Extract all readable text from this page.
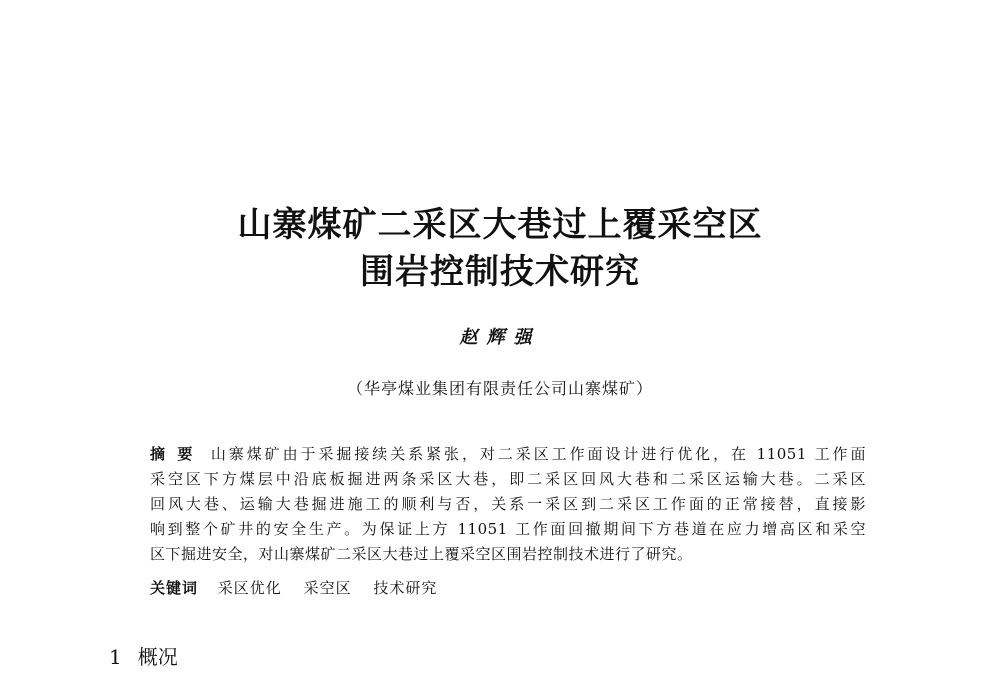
山寨煤矿二采区大巷过上覆采空区
围岩控制技术研究
赵辉强
（华亭煤业集团有限责任公司山寨煤矿）
摘要 山寨煤矿由于采掘接续关系紧张，对二采区工作面设计进行优化，在 11051 工作面
采空区下方煤层中沿底板掘进两条采区大巷，即二采区回风大巷和二采区运输大巷。二采区
回风大巷、运输大巷掘进施工的顺利与否，关系一采区到二采区工作面的正常接替，直接影
响到整个矿井的安全生产。为保证上方 11051 工作面回撤期间下方巷道在应力增高区和采空
区下掘进安全，对山寨煤矿二采区大巷过上覆采空区围岩控制技术进行了研究。
关键词 采区优化 采空区 技术研究
1 概况
